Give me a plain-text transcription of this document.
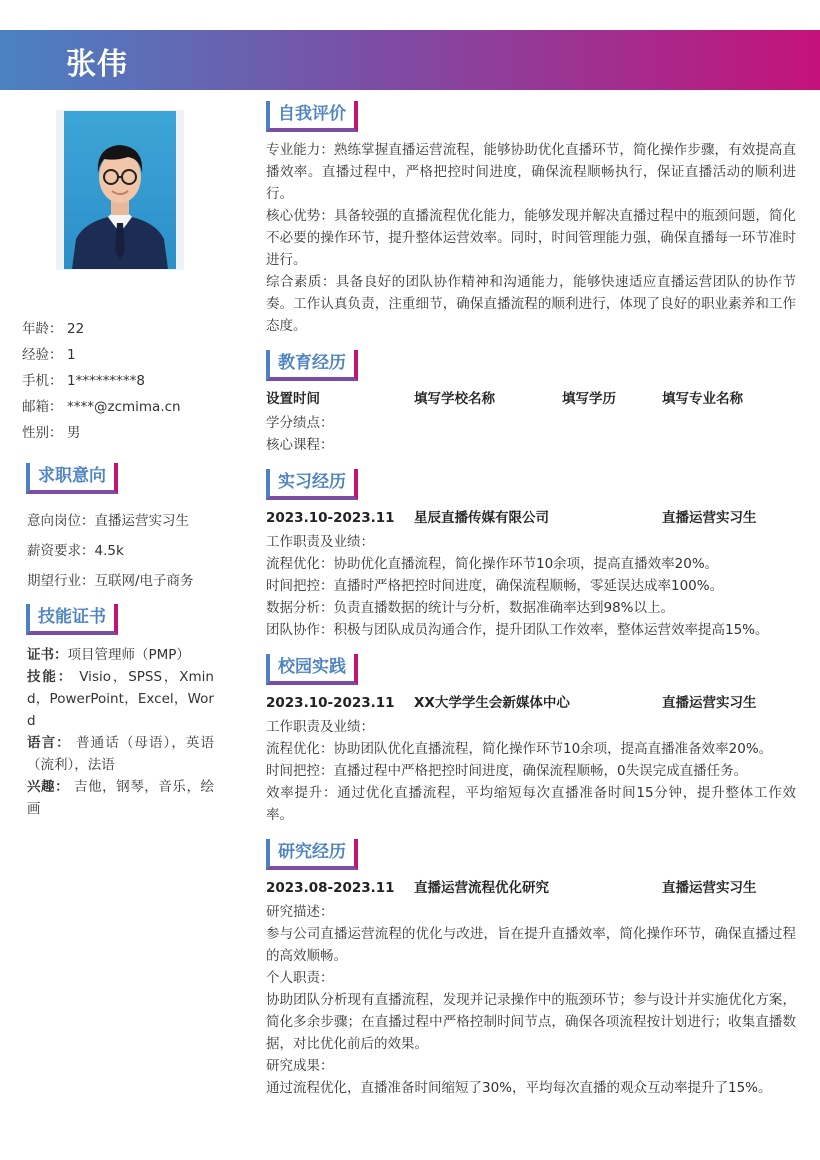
张伟
年龄： 22
经验： 1
手机： 1*********8
邮箱： ****@zcmima.cn
性别： 男
求职意向
意向岗位：直播运营实习生
薪资要求：4.5k
期望行业：互联网/电子商务
技能证书
证书：项目管理师（PMP）
技能： Visio，SPSS，Xmind，PowerPoint，Excel，Word
语言： 普通话（母语），英语（流利），法语
兴趣： 吉他，钢琴，音乐，绘画
自我评价
专业能力：熟练掌握直播运营流程，能够协助优化直播环节，简化操作步骤，有效提高直播效率。直播过程中，严格把控时间进度，确保流程顺畅执行，保证直播活动的顺利进行。
核心优势：具备较强的直播流程优化能力，能够发现并解决直播过程中的瓶颈问题，简化不必要的操作环节，提升整体运营效率。同时，时间管理能力强，确保直播每一环节准时进行。
综合素质：具备良好的团队协作精神和沟通能力，能够快速适应直播运营团队的协作节奏。工作认真负责，注重细节，确保直播流程的顺利进行，体现了良好的职业素养和工作态度。
教育经历
设置时间	填写学校名称	填写学历	填写专业名称
学分绩点：
核心课程：
实习经历
2023.10-2023.11 星辰直播传媒有限公司	直播运营实习生
工作职责及业绩：
流程优化：协助优化直播流程，简化操作环节10余项，提高直播效率20%。
时间把控：直播时严格把控时间进度，确保流程顺畅，零延误达成率100%。
数据分析：负责直播数据的统计与分析，数据准确率达到98%以上。
团队协作：积极与团队成员沟通合作，提升团队工作效率，整体运营效率提高15%。
校园实践
2023.10-2023.11 XX大学学生会新媒体中心	直播运营实习生
工作职责及业绩：
流程优化：协助团队优化直播流程，简化操作环节10余项，提高直播准备效率20%。
时间把控：直播过程中严格把控时间进度，确保流程顺畅，0失误完成直播任务。
效率提升：通过优化直播流程，平均缩短每次直播准备时间15分钟，提升整体工作效率。
研究经历
2023.08-2023.11 直播运营流程优化研究	直播运营实习生
研究描述：
参与公司直播运营流程的优化与改进，旨在提升直播效率，简化操作环节，确保直播过程的高效顺畅。
个人职责：
协助团队分析现有直播流程，发现并记录操作中的瓶颈环节；参与设计并实施优化方案，简化多余步骤；在直播过程中严格控制时间节点，确保各项流程按计划进行；收集直播数据，对比优化前后的效果。
研究成果：
通过流程优化，直播准备时间缩短了30%，平均每次直播的观众互动率提升了15%。
